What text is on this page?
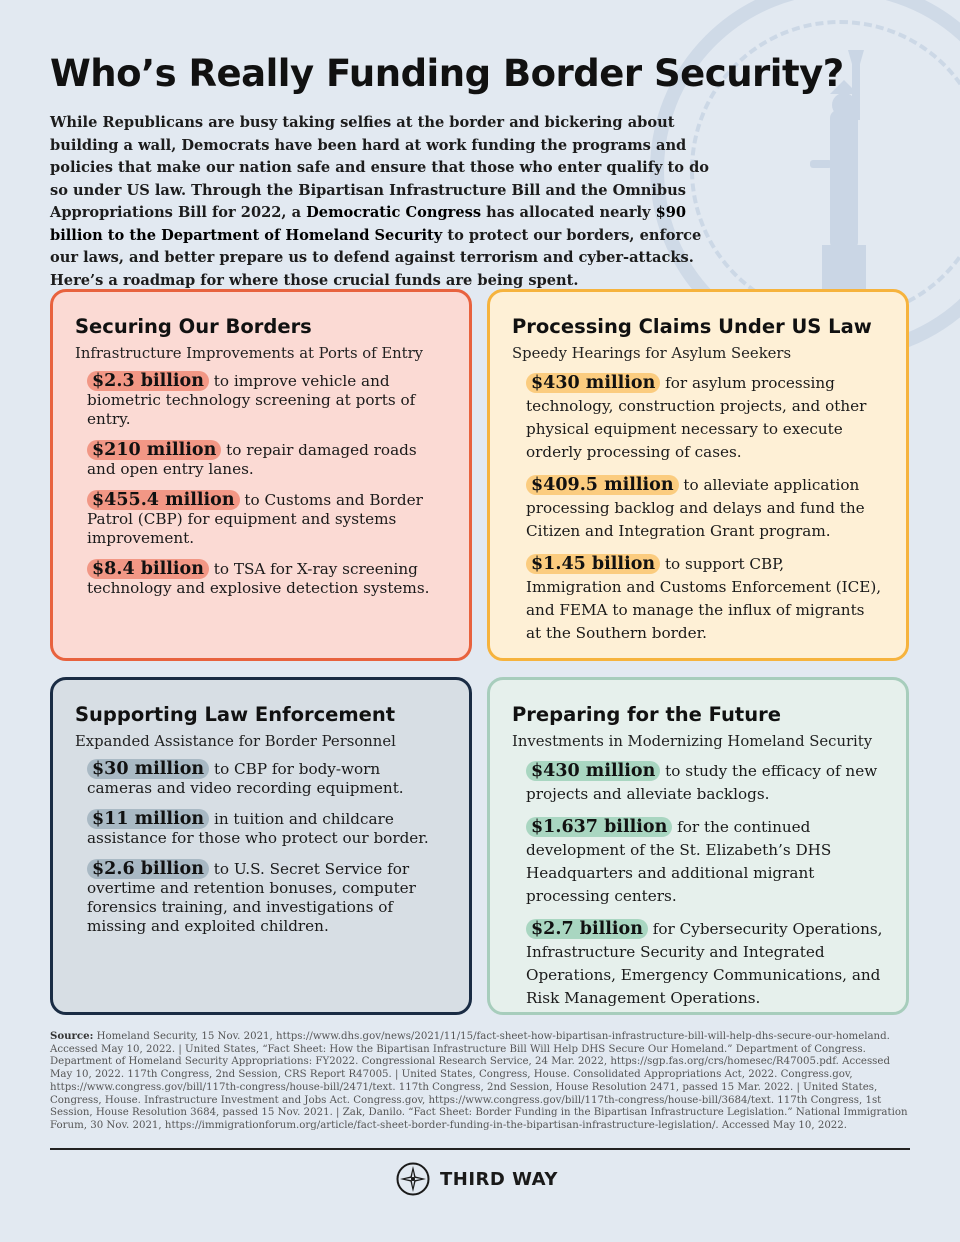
Who’s Really Funding Border Security?

While Republicans are busy taking selfies at the border and bickering about building a wall, Democrats have been hard at work funding the programs and policies that make our nation safe and ensure that those who enter qualify to do so under US law. Through the Bipartisan Infrastructure Bill and the Omnibus Appropriations Bill for 2022, a Democratic Congress has allocated nearly $90 billion to the Department of Homeland Security to protect our borders, enforce our laws, and better prepare us to defend against terrorism and cyber-attacks. Here’s a roadmap for where those crucial funds are being spent.

Securing Our Borders
Infrastructure Improvements at Ports of Entry

$2.3 billion to improve vehicle and biometric technology screening at ports of entry.

$210 million to repair damaged roads and open entry lanes.

$455.4 million to Customs and Border Patrol (CBP) for equipment and systems improvement.

$8.4 billion to TSA for X-ray screening technology and explosive detection systems.

Processing Claims Under US Law
Speedy Hearings for Asylum Seekers

$430 million for asylum processing technology, construction projects, and other physical equipment necessary to execute orderly processing of cases.

$409.5 million to alleviate application processing backlog and delays and fund the Citizen and Integration Grant program.

$1.45 billion to support CBP, Immigration and Customs Enforcement (ICE), and FEMA to manage the influx of migrants at the Southern border.

Supporting Law Enforcement
Expanded Assistance for Border Personnel

$30 million to CBP for body-worn cameras and video recording equipment.

$11 million in tuition and childcare assistance for those who protect our border.

$2.6 billion to U.S. Secret Service for overtime and retention bonuses, computer forensics training, and investigations of missing and exploited children.

Preparing for the Future
Investments in Modernizing Homeland Security

$430 million to study the efficacy of new projects and alleviate backlogs.

$1.637 billion for the continued development of the St. Elizabeth’s DHS Headquarters and additional migrant processing centers.

$2.7 billion for Cybersecurity Operations, Infrastructure Security and Integrated Operations, Emergency Communications, and Risk Management Operations.

Source: Homeland Security, 15 Nov. 2021, https://www.dhs.gov/news/2021/11/15/fact-sheet-how-bipartisan-infrastructure-bill-will-help-dhs-secure-our-homeland. Accessed May 10, 2022. | United States, “Fact Sheet: How the Bipartisan Infrastructure Bill Will Help DHS Secure Our Homeland.” Department of Congress. Department of Homeland Security Appropriations: FY2022. Congressional Research Service, 24 Mar. 2022, https://sgp.fas.org/crs/homesec/R47005.pdf. Accessed May 10, 2022. 117th Congress, 2nd Session, CRS Report R47005. | United States, Congress, House. Consolidated Appropriations Act, 2022. Congress.gov, https://www.congress.gov/bill/117th-congress/house-bill/2471/text. 117th Congress, 2nd Session, House Resolution 2471, passed 15 Mar. 2022. | United States, Congress, House. Infrastructure Investment and Jobs Act. Congress.gov, https://www.congress.gov/bill/117th-congress/house-bill/3684/text. 117th Congress, 1st Session, House Resolution 3684, passed 15 Nov. 2021. | Zak, Danilo. “Fact Sheet: Border Funding in the Bipartisan Infrastructure Legislation.” National Immigration Forum, 30 Nov. 2021, https://immigrationforum.org/article/fact-sheet-border-funding-in-the-bipartisan-infrastructure-legislation/. Accessed May 10, 2022.

THIRD WAY
